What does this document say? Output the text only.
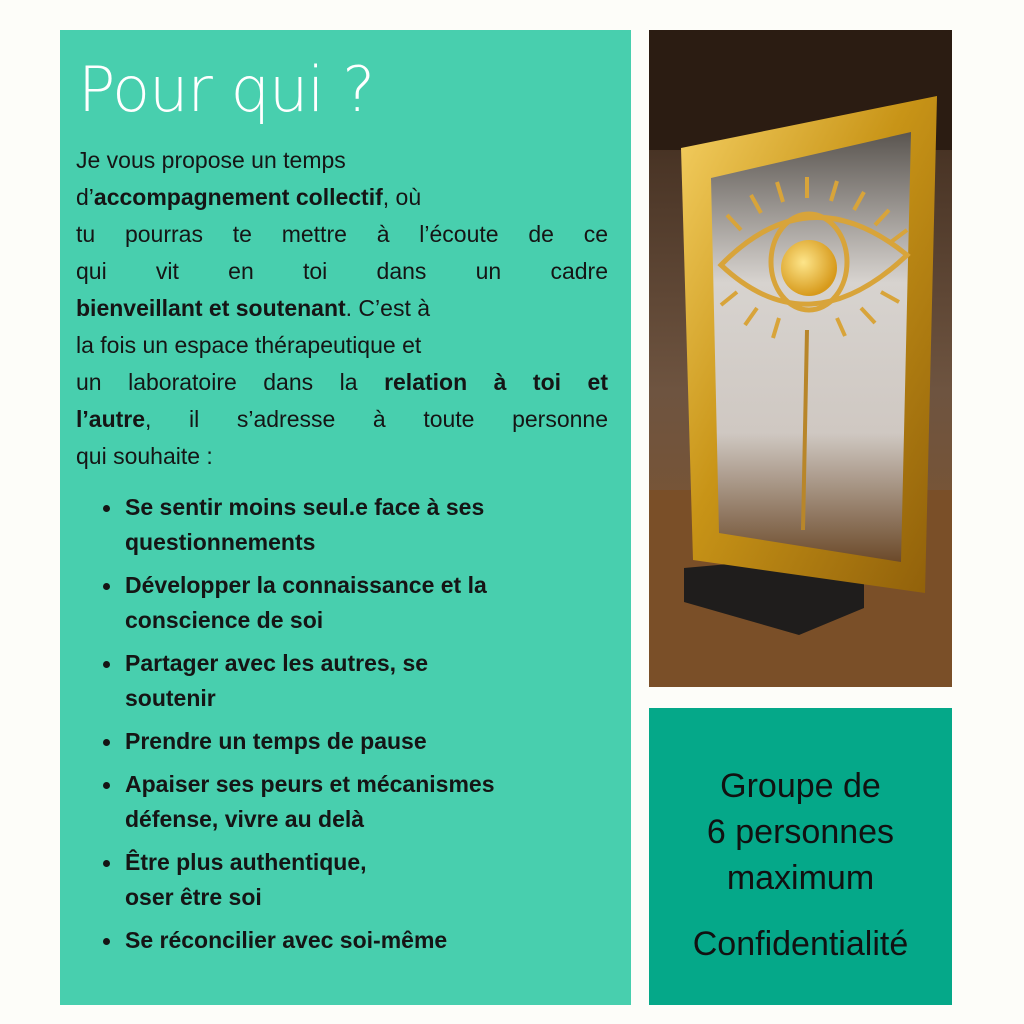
Pour qui ?

Je vous propose un temps
d’accompagnement collectif, où

tu pourras te mettre à l’écoute de ce
qui vit en toi dans un cadre
bienveillant et soutenant. C’est à
la fois un espace thérapeutique et

un laboratoire dans la relation à toi et
l’autre, il s’adresse à toute personne
qui souhaite :

Se sentir moins seul.e face à ses
questionnements
Développer la connaissance et la
conscience de soi
Partager avec les autres, se
soutenir
Prendre un temps de pause
Apaiser ses peurs et mécanismes
défense, vivre au delà
Être plus authentique,
oser être soi
Se réconcilier avec soi-même
Groupe de
6 personnes
maximum
Confidentialité
